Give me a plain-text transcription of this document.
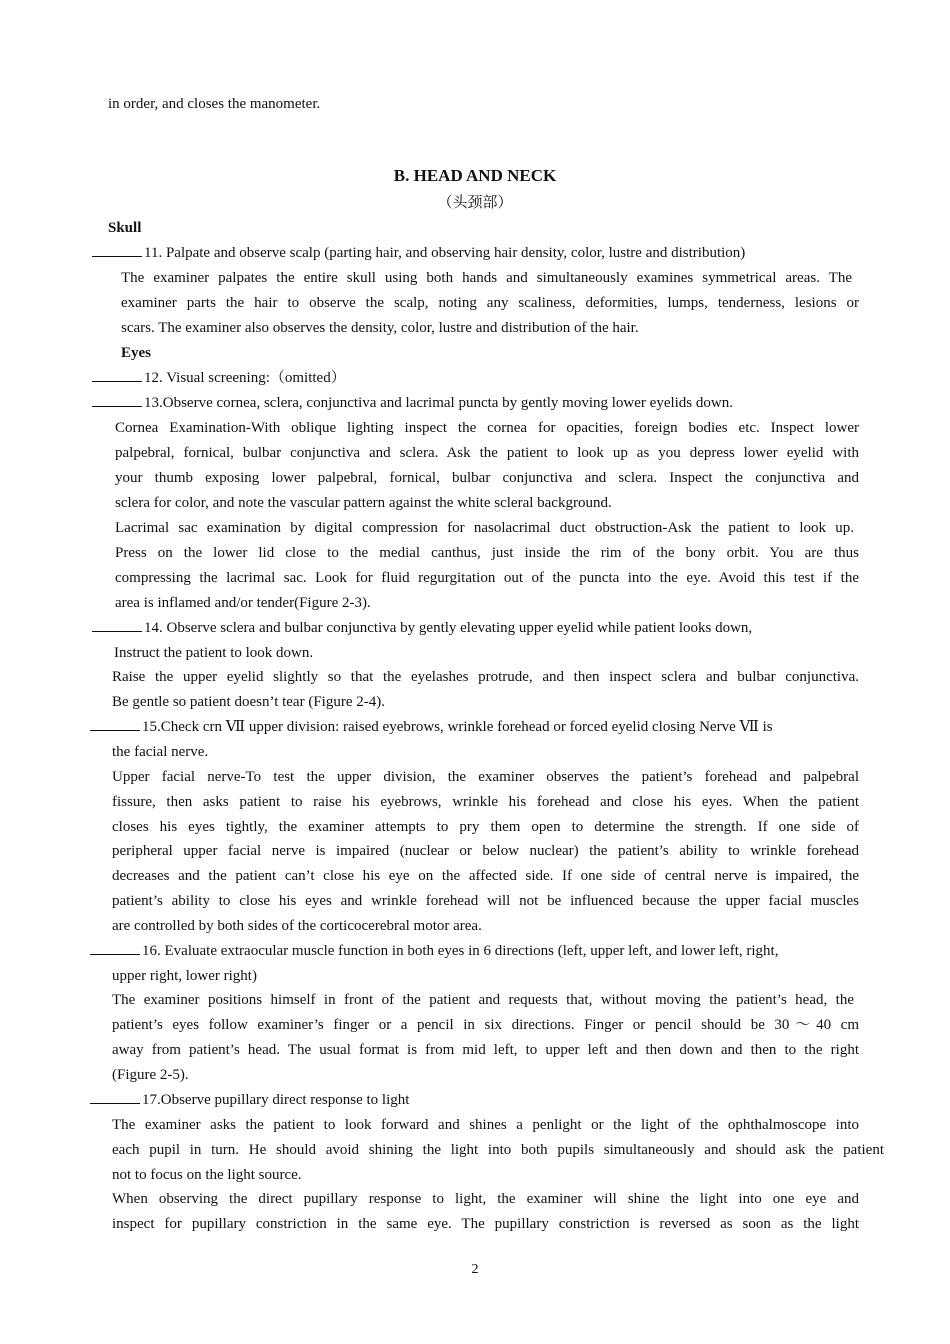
in order, and closes the manometer.
B. HEAD AND NECK
（头颈部）
Skull
11. Palpate and observe scalp (parting hair, and observing hair density, color, lustre and distribution)
The examiner palpates the entire skull using both hands and simultaneously examines symmetrical areas. The
examiner parts the hair to observe the scalp, noting any scaliness, deformities, lumps, tenderness, lesions or
scars. The examiner also observes the density, color, lustre and distribution of the hair.
Eyes
12. Visual screening:（omitted）
13.Observe cornea, sclera, conjunctiva and lacrimal puncta by gently moving lower eyelids down.
Cornea Examination-With oblique lighting inspect the cornea for opacities, foreign bodies etc. Inspect lower
palpebral, fornical, bulbar conjunctiva and sclera. Ask the patient to look up as you depress lower eyelid with
your thumb exposing lower palpebral, fornical, bulbar conjunctiva and sclera. Inspect the conjunctiva and
sclera for color, and note the vascular pattern against the white scleral background.
Lacrimal sac examination by digital compression for nasolacrimal duct obstruction-Ask the patient to look up.
Press on the lower lid close to the medial canthus, just inside the rim of the bony orbit. You are thus
compressing the lacrimal sac. Look for fluid regurgitation out of the puncta into the eye. Avoid this test if the
area is inflamed and/or tender(Figure 2-3).
14. Observe sclera and bulbar conjunctiva by gently elevating upper eyelid while patient looks down,
Instruct the patient to look down.
Raise the upper eyelid slightly so that the eyelashes protrude, and then inspect sclera and bulbar conjunctiva.
Be gentle so patient doesn’t tear (Figure 2-4).
15.Check crn Ⅶ upper division: raised eyebrows, wrinkle forehead or forced eyelid closing Nerve Ⅶ is
the facial nerve.
Upper facial nerve-To test the upper division, the examiner observes the patient’s forehead and palpebral
fissure, then asks patient to raise his eyebrows, wrinkle his forehead and close his eyes. When the patient
closes his eyes tightly, the examiner attempts to pry them open to determine the strength. If one side of
peripheral upper facial nerve is impaired (nuclear or below nuclear) the patient’s ability to wrinkle forehead
decreases and the patient can’t close his eye on the affected side. If one side of central nerve is impaired, the
patient’s ability to close his eyes and wrinkle forehead will not be influenced because the upper facial muscles
are controlled by both sides of the corticocerebral motor area.
16. Evaluate extraocular muscle function in both eyes in 6 directions (left, upper left, and lower left, right,
upper right, lower right)
The examiner positions himself in front of the patient and requests that, without moving the patient’s head, the
patient’s eyes follow examiner’s finger or a pencil in six directions. Finger or pencil should be 30～40 cm
away from patient’s head. The usual format is from mid left, to upper left and then down and then to the right
(Figure 2-5).
17.Observe pupillary direct response to light
The examiner asks the patient to look forward and shines a penlight or the light of the ophthalmoscope into
each pupil in turn. He should avoid shining the light into both pupils simultaneously and should ask the patient
not to focus on the light source.
When observing the direct pupillary response to light, the examiner will shine the light into one eye and
inspect for pupillary constriction in the same eye. The pupillary constriction is reversed as soon as the light
2
